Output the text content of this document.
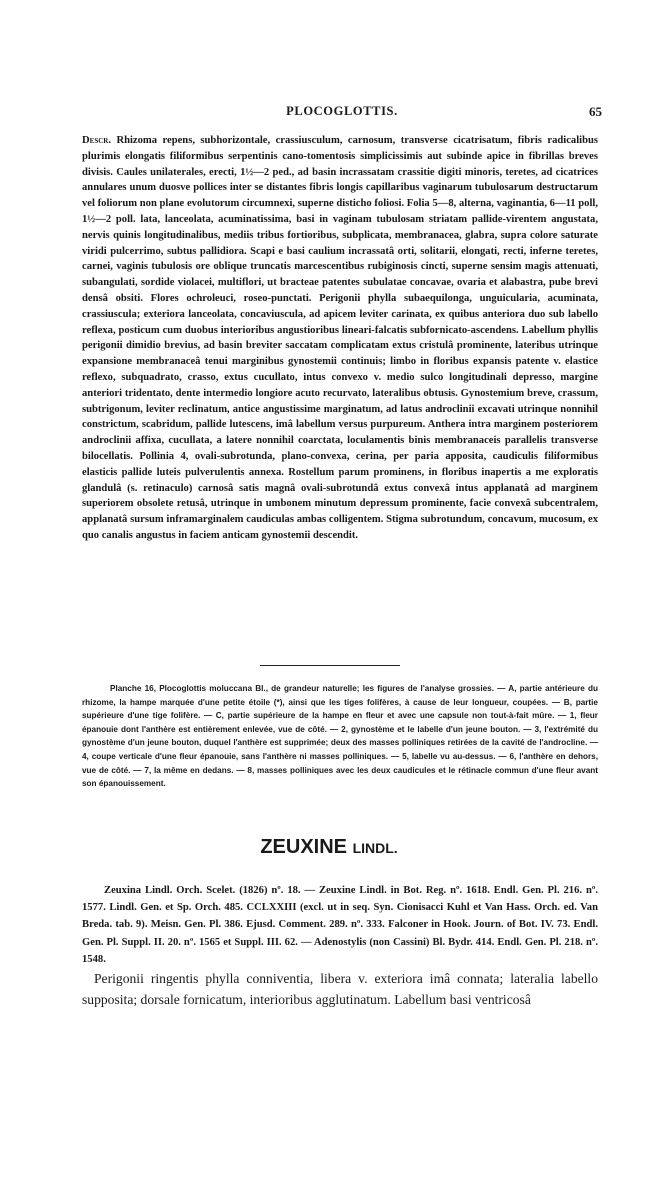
PLOCOGLOTTIS.	65
Descr. Rhizoma repens, subhorizontale, crassiusculum, carnosum, transverse cicatrisatum, fibris radicalibus plurimis elongatis filiformibus serpentinis cano-tomentosis simplicissimis aut subinde apice in fibrillas breves divisis. Caules unilaterales, erecti, 1½—2 ped., ad basin incrassatam crassitie digiti minoris, teretes, ad cicatrices annulares unum duosve pollices inter se distantes fibris longis capillaribus vaginarum tubulosarum destructarum vel foliorum non plane evolutorum circumnexi, superne disticho foliosi. Folia 5—8, alterna, vaginantia, 6—11 poll, 1½—2 poll. lata, lanceolata, acuminatissima, basi in vaginam tubulosam striatam pallide-virentem angustata, nervis quinis longitudinalibus, mediis tribus fortioribus, subplicata, membranacea, glabra, supra colore saturate viridi pulcerrimo, subtus pallidiora. Scapi e basi caulium incrassatâ orti, solitarii, elongati, recti, inferne teretes, carnei, vaginis tubulosis ore oblique truncatis marcescentibus rubiginosis cincti, superne sensim magis attenuati, subangulati, sordide violacei, multiflori, ut bracteae patentes subulatae concavae, ovaria et alabastra, pube brevi densâ obsiti. Flores ochroleuci, roseo-punctati. Perigonii phylla subaequilonga, unguicularia, acuminata, crassiuscula; exteriora lanceolata, concaviuscula, ad apicem leviter carinata, ex quibus anteriora duo sub labello reflexa, posticum cum duobus interioribus angustioribus lineari-falcatis subfornicato-ascendens. Labellum phyllis perigonii dimidio brevius, ad basin breviter saccatam complicatam extus cristulâ prominente, lateribus utrinque expansione membranaceâ tenui marginibus gynostemii continuis; limbo in floribus expansis patente v. elastice reflexo, subquadrato, crasso, extus cucullato, intus convexo v. medio sulco longitudinali depresso, margine anteriori tridentato, dente intermedio longiore acuto recurvato, lateralibus obtusis. Gynostemium breve, crassum, subtrigonum, leviter reclinatum, antice angustissime marginatum, ad latus androclinii excavati utrinque nonnihil constrictum, scabridum, pallide lutescens, imâ labellum versus purpureum. Anthera intra marginem posteriorem androclinii affixa, cucullata, a latere nonnihil coarctata, loculamentis binis membranaceis parallelis transverse bilocellatis. Pollinia 4, ovali-subrotunda, plano-convexa, cerina, per paria apposita, caudiculis filiformibus elasticis pallide luteis pulverulentis annexa. Rostellum parum prominens, in floribus inapertis a me exploratis glandulâ (s. retinaculo) carnosâ satis magnâ ovali-subrotundâ extus convexâ intus applanatâ ad marginem superiorem obsolete retusâ, utrinque in umbonem minutum depressum prominente, facie convexâ subcentralem, applanatâ sursum inframarginalem caudiculas ambas colligentem. Stigma subrotundum, concavum, mucosum, ex quo canalis angustus in faciem anticam gynostemii descendit.
Planche 16, Plocoglottis moluccana Bl., de grandeur naturelle; les figures de l'analyse grossies. — A, partie antérieure du rhizome, la hampe marquée d'une petite étoile (*), ainsi que les tiges folifères, à cause de leur longueur, coupées. — B, partie supérieure d'une tige folifère. — C, partie supérieure de la hampe en fleur et avec une capsule non tout-à-fait mûre. — 1, fleur épanouie dont l'anthère est entièrement enlevée, vue de côté. — 2, gynostème et le labelle d'un jeune bouton. — 3, l'extrémité du gynostème d'un jeune bouton, duquel l'anthère est supprimée; deux des masses polliniques retirées de la cavité de l'androcline. — 4, coupe verticale d'une fleur épanouie, sans l'anthère ni masses polliniques. — 5, labelle vu au-dessus. — 6, l'anthère en dehors, vue de côté. — 7, la même en dedans. — 8, masses polliniques avec les deux caudicules et le rétinacle commun d'une fleur avant son épanouissement.
ZEUXINE LINDL.
Zeuxina Lindl. Orch. Scelet. (1826) nº. 18. — Zeuxine Lindl. in Bot. Reg. nº. 1618. Endl. Gen. Pl. 216. nº. 1577. Lindl. Gen. et Sp. Orch. 485. CCLXXIII (excl. ut in seq. Syn. Cionisacci Kuhl et Van Hass. Orch. ed. Van Breda. tab. 9). Meisn. Gen. Pl. 386. Ejusd. Comment. 289. nº. 333. Falconer in Hook. Journ. of Bot. IV. 73. Endl. Gen. Pl. Suppl. II. 20. nº. 1565 et Suppl. III. 62. — Adenostylis (non Cassini) Bl. Bydr. 414. Endl. Gen. Pl. 218. nº. 1548.
Perigonii ringentis phylla conniventia, libera v. exteriora imâ connata; lateralia labello supposita; dorsale fornicatum, interioribus agglutinatum. Labellum basi ventricosâ
